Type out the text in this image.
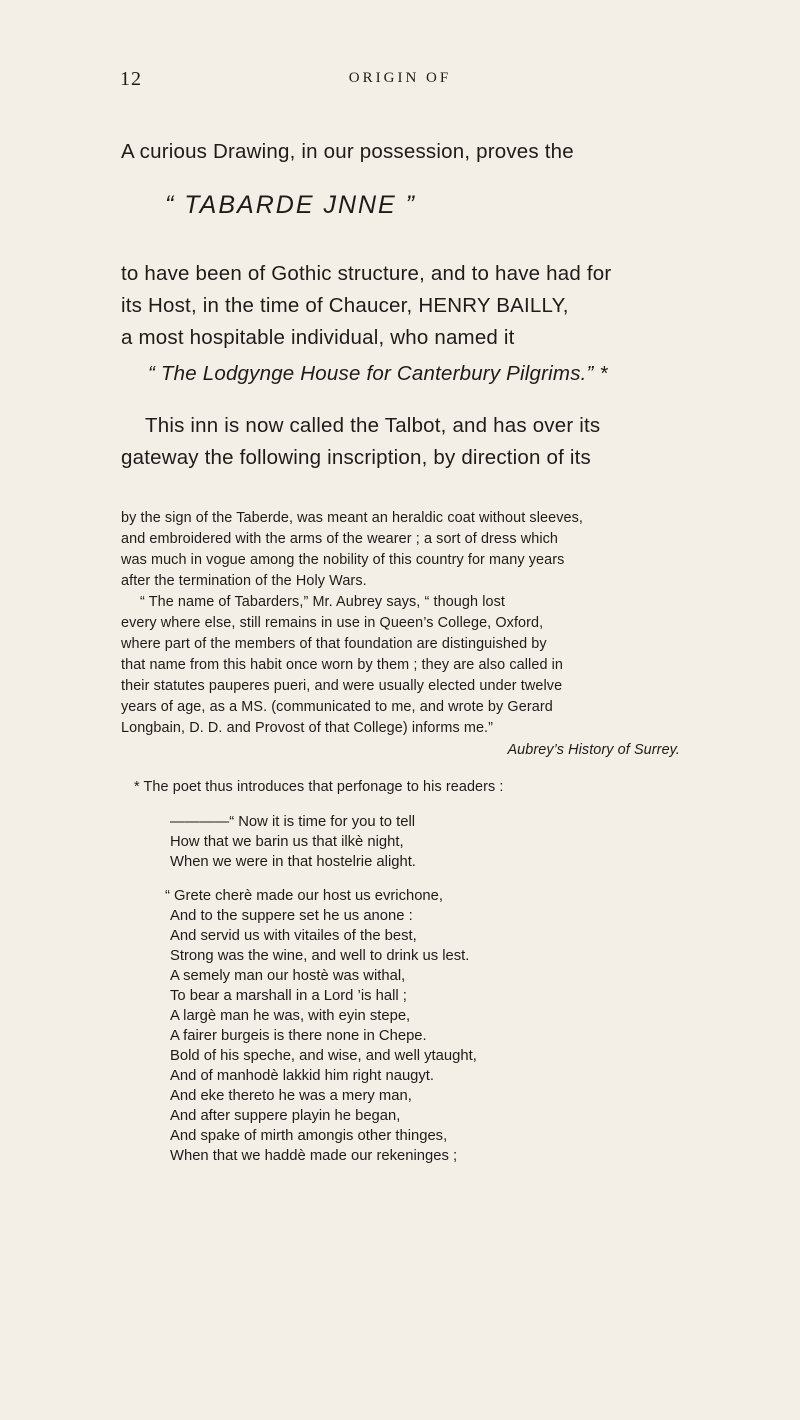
12	ORIGIN OF
A curious Drawing, in our possession, proves the
“ TABARDE JNNE ”
to have been of Gothic structure, and to have had for
its Host, in the time of Chaucer, HENRY BAILLY,
a most hospitable individual, who named it
“ The Lodgynge House for Canterbury Pilgrims.” *
This inn is now called the Talbot, and has over its
gateway the following inscription, by direction of its
by the sign of the Taberde, was meant an heraldic coat without sleeves,
and embroidered with the arms of the wearer ; a sort of dress which
was much in vogue among the nobility of this country for many years
after the termination of the Holy Wars.
“ The name of Tabarders,” Mr. Aubrey says, “ though lost
every where else, still remains in use in Queen’s College, Oxford,
where part of the members of that foundation are distinguished by
that name from this habit once worn by them ; they are also called in
their statutes pauperes pueri, and were usually elected under twelve
years of age, as a MS. (communicated to me, and wrote by Gerard
Longbain, D. D. and Provost of that College) informs me.”
Aubrey’s History of Surrey.
* The poet thus introduces that perfonage to his readers :
————“ Now it is time for you to tell
How that we barin us that ilkè night,
When we were in that hostelrie alight.
“ Grete cherè made our host us evrichone,
And to the suppere set he us anone :
And servid us with vitailes of the best,
Strong was the wine, and well to drink us lest.
A semely man our hostè was withal,
To bear a marshall in a Lord ’is hall ;
A largè man he was, with eyin stepe,
A fairer burgeis is there none in Chepe.
Bold of his speche, and wise, and well ytaught,
And of manhodè lakkid him right naugyt.
And eke thereto he was a mery man,
And after suppere playin he began,
And spake of mirth amongis other thinges,
When that we haddè made our rekeninges ;
